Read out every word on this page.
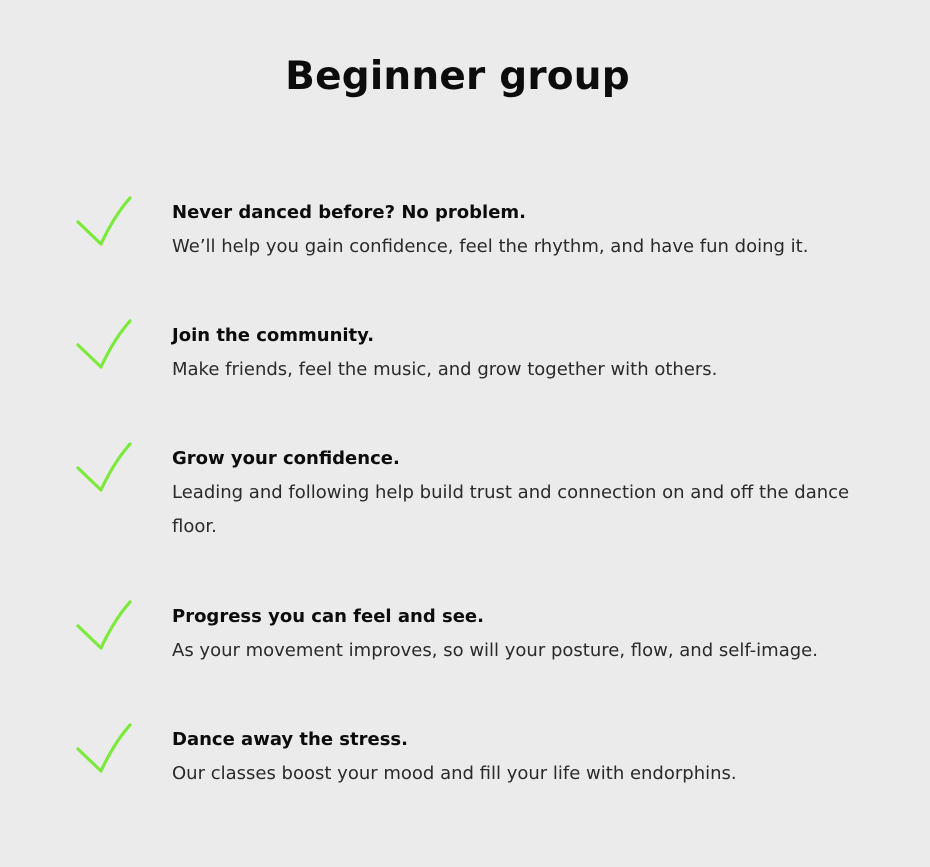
Beginner group

Never danced before? No problem.

We’ll help you gain confidence, feel the rhythm, and have fun doing it.

Join the community.

Make friends, feel the music, and grow together with others.

Grow your confidence.

Leading and following help build trust and connection on and off the dance floor.

Progress you can feel and see.

As your movement improves, so will your posture, flow, and self-image.

Dance away the stress.

Our classes boost your mood and fill your life with endorphins.
